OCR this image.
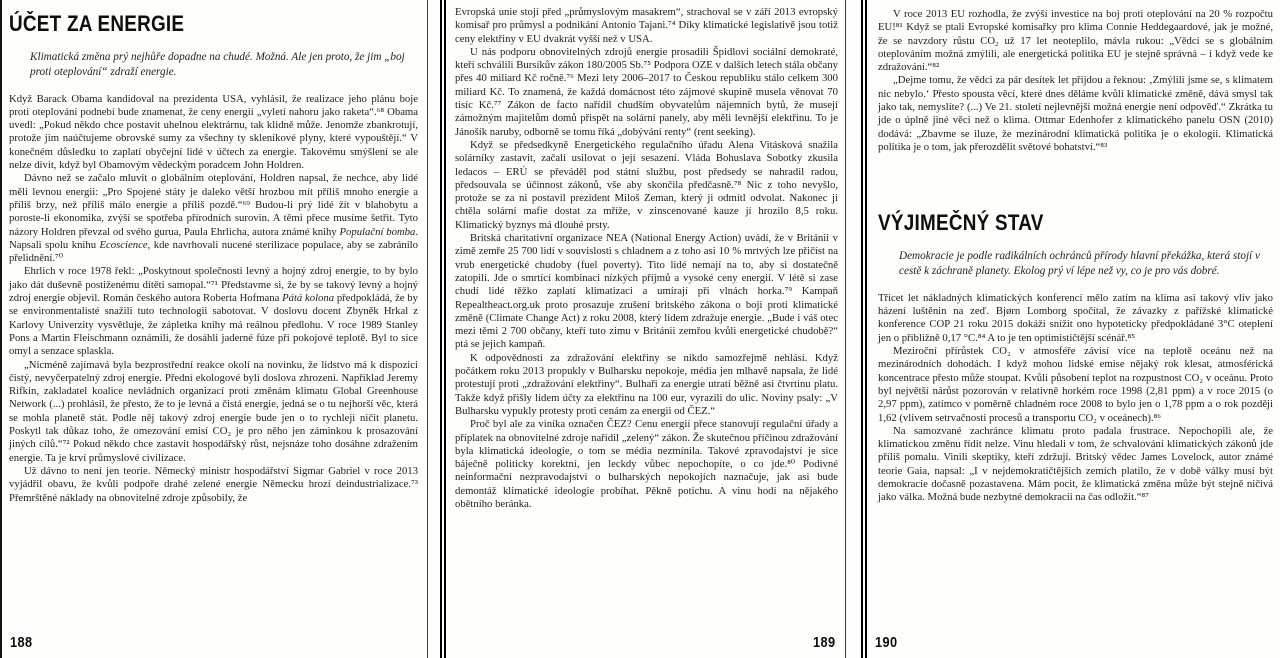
ÚČET ZA ENERGIE
Klimatická změna prý nejhůře dopadne na chudé. Možná. Ale jen proto, že jim „boj proti oteplování“ zdraží energie.

Když Barack Obama kandidoval na prezidenta USA, vyhlásil, že realizace jeho plánu boje proti oteplování podnebí bude znamenat, že ceny energií „vyletí nahoru jako raketa“.⁶⁸ Obama uvedl: „Pokud někdo chce postavit uhelnou elektrárnu, tak klidně může. Jenomže zbankrotují, protože jim naúčtujeme obrovské sumy za všechny ty skleníkové plyny, které vypouštějí.“ V konečném důsledku to zaplatí obyčejní lidé v účtech za energie. Takovému smýšlení se ale nelze divit, když byl Obamovým vědeckým poradcem John Holdren.

Dávno než se začalo mluvit o globálním oteplování, Holdren napsal, že nechce, aby lidé měli levnou energii: „Pro Spojené státy je daleko větší hrozbou mít příliš mnoho energie a příliš brzy, než příliš málo energie a příliš pozdě.“⁶⁹ Budou-li prý lidé žít v blahobytu a poroste-li ekonomika, zvýší se spotřeba přírodních surovin. A těmi přece musíme šetřit. Tyto názory Holdren převzal od svého gurua, Paula Ehrlicha, autora známé knihy Populační bomba. Napsali spolu knihu Ecoscience, kde navrhovali nucené sterilizace populace, aby se zabránilo přelidnění.⁷⁰

Ehrlich v roce 1978 řekl: „Poskytnout společnosti levný a hojný zdroj energie, to by bylo jako dát duševně postiženému dítěti samopal.“⁷¹ Představme si, že by se takový levný a hojný zdroj energie objevil. Román českého autora Roberta Hofmana Pátá kolona předpokládá, že by se environmentalisté snažili tuto technologii sabotovat. V doslovu docent Zbyněk Hrkal z Karlovy Univerzity vysvětluje, že zápletka knihy má reálnou předlohu. V roce 1989 Stanley Pons a Martin Fleischmann oznámili, že dosáhli jaderné fúze při pokojové teplotě. Byl to sice omyl a senzace splaskla.

„Nicméně zajímavá byla bezprostřední reakce okolí na novinku, že lidstvo má k dispozici čistý, nevyčerpatelný zdroj energie. Přední ekologové byli doslova zhrozeni. Například Jeremy Rifkin, zakladatel koalice nevládních organizací proti změnám klimatu Global Greenhouse Network (...) prohlásil, že přesto, že to je levná a čistá energie, jedná se o tu nejhorší věc, která se mohla planetě stát. Podle něj takový zdroj energie bude jen o to rychleji ničit planetu. Poskytl tak důkaz toho, že omezování emisí CO₂ je pro něho jen záminkou k prosazování jiných cílů.“⁷² Pokud někdo chce zastavit hospodářský růst, nejsnáze toho dosáhne zdražením energie. Ta je krví průmyslové civilizace.

Už dávno to není jen teorie. Německý ministr hospodářství Sigmar Gabriel v roce 2013 vyjádřil obavu, že kvůli podpoře drahé zelené energie Německu hrozí deindustrializace.⁷³ Přemrštěné náklady na obnovitelné zdroje způsobily, že

188

Evropská unie stojí před „průmyslovým masakrem“, strachoval se v září 2013 evropský komisař pro průmysl a podnikání Antonio Tajani.⁷⁴ Díky klimatické legislativě jsou totiž ceny elektřiny v EU dvakrát vyšší než v USA.

U nás podporu obnovitelných zdrojů energie prosadili Špidlovi sociální demokraté, kteří schválili Bursíkův zákon 180/2005 Sb.⁷⁵ Podpora OZE v dalších letech stála občany přes 40 miliard Kč ročně.⁷⁶ Mezi lety 2006–2017 to Českou republiku stálo celkem 300 miliard Kč. To znamená, že každá domácnost této zájmové skupině musela věnovat 70 tisíc Kč.⁷⁷ Zákon de facto nařídil chudším obyvatelům nájemních bytů, že musejí zámožným majitelům domů přispět na solární panely, aby měli levnější elektřinu. To je Jánošík naruby, odborně se tomu říká „dobývání renty“ (rent seeking).

Když se předsedkyně Energetického regulačního úřadu Alena Vitásková snažila solárníky zastavit, začali usilovat o její sesazení. Vláda Bohuslava Sobotky zkusila ledacos – ERÚ se převáděl pod státní službu, post předsedy se nahradil radou, předsouvala se účinnost zákonů, vše aby skončila předčasně.⁷⁸ Nic z toho nevyšlo, protože se za ni postavil prezident Miloš Zeman, který ji odmítl odvolat. Nakonec ji chtěla solární mafie dostat za mříže, v zinscenované kauze jí hrozilo 8,5 roku. Klimatický byznys má dlouhé prsty.

Britská charitativní organizace NEA (National Energy Action) uvádí, že v Británii v zimě zemře 25 700 lidí v souvislosti s chladnem a z toho asi 10 % mrtvých lze přičíst na vrub energetické chudoby (fuel poverty). Tito lidé nemají na to, aby si dostatečně zatopili. Jde o smrtící kombinaci nízkých příjmů a vysoké ceny energií. V létě si zase chudí lidé těžko zaplatí klimatizaci a umírají při vlnách horka.⁷⁹ Kampaň Repealtheact.org.uk proto prosazuje zrušení britského zákona o boji proti klimatické změně (Climate Change Act) z roku 2008, který lidem zdražuje energie. „Bude i váš otec mezi těmi 2 700 občany, kteří tuto zimu v Británii zemřou kvůli energetické chudobě?“ ptá se jejich kampaň.

K odpovědnosti za zdražování elektřiny se nikdo samozřejmě nehlásí. Když počátkem roku 2013 propukly v Bulharsku nepokoje, média jen mlhavě napsala, že lidé protestují proti „zdražování elektřiny“. Bulhaři za energie utratí běžně asi čtvrtinu platu. Takže když přišly lidem účty za elektřinu na 100 eur, vyrazili do ulic. Noviny psaly: „V Bulharsku vypukly protesty proti cenám za energii od ČEZ.“

Proč byl ale za viníka označen ČEZ? Cenu energií přece stanovují regulační úřady a příplatek na obnovitelné zdroje nařídil „zelený“ zákon. Že skutečnou příčinou zdražování byla klimatická ideologie, o tom se média nezmínila. Takové zpravodajství je sice báječně politicky korektní, jen leckdy vůbec nepochopíte, o co jde.⁸⁰ Podivné neinformační nezpravodajství o bulharských nepokojích naznačuje, jak asi bude demontáž klimatické ideologie probíhat. Pěkně potichu. A vinu hodí na nějakého obětního beránka.

189

V roce 2013 EU rozhodla, že zvýší investice na boj proti oteplování na 20 % rozpočtu EU!⁸¹ Když se ptali Evropské komisařky pro klima Connie Heddegaardové, jak je možné, že se navzdory růstu CO₂ už 17 let neoteplilo, mávla rukou: „Vědci se s globálním oteplováním možná zmýlili, ale energetická politika EU je stejně správná – i když vede ke zdražování.“⁸²

„Dejme tomu, že vědci za pár desítek let přijdou a řeknou: ‚Zmýlili jsme se, s klimatem nic nebylo.‘ Přesto spousta věcí, které dnes děláme kvůli klimatické změně, dává smysl tak jako tak, nemyslíte? (...) Ve 21. století nejlevnější možná energie není odpověď.“ Zkrátka tu jde o úplně jiné věci než o klima. Ottmar Edenhofer z klimatického panelu OSN (2010) dodává: „Zbavme se iluze, že mezinárodní klimatická politika je o ekologii. Klimatická politika je o tom, jak přerozdělit světové bohatství.“⁸³

VÝJIMEČNÝ STAV
Demokracie je podle radikálních ochránců přírody hlavní překážka, která stojí v cestě k záchraně planety. Ekolog prý ví lépe než vy, co je pro vás dobré.

Třicet let nákladných klimatických konferencí mělo zatím na klima asi takový vliv jako házení luštěnin na zeď. Bjørn Lomborg spočítal, že závazky z pařížské klimatické konference COP 21 roku 2015 dokáží snížit ono hypoteticky předpokládané 3°C oteplení jen o přibližně 0,17 °C.⁸⁴ A to je ten optimističtější scénář.⁸⁵

Meziroční přírůstek CO₂ v atmosféře závisí více na teplotě oceánu než na mezinárodních dohodách. I když mohou lidské emise nějaký rok klesat, atmosférická koncentrace přesto může stoupat. Kvůli působení teplot na rozpustnost CO₂ v oceánu. Proto byl největší nárůst pozorován v relativně horkém roce 1998 (2,81 ppm) a v roce 2015 (o 2,97 ppm), zatímco v poměrně chladném roce 2008 to bylo jen o 1,78 ppm a o rok později 1,62 (vlivem setrvačnosti procesů a transportu CO₂ v oceánech).⁸⁶

Na samozvané zachránce klimatu proto padala frustrace. Nepochopili ale, že klimatickou změnu řídit nelze. Vinu hledali v tom, že schvalování klimatických zákonů jde příliš pomalu. Vinili skeptiky, kteří zdržují. Britský vědec James Lovelock, autor známé teorie Gaia, napsal: „I v nejdemokratičtějších zemích platilo, že v době války musí být demokracie dočasně pozastavena. Mám pocit, že klimatická změna může být stejně ničivá jako válka. Možná bude nezbytné demokracii na čas odložit.“⁸⁷

190
